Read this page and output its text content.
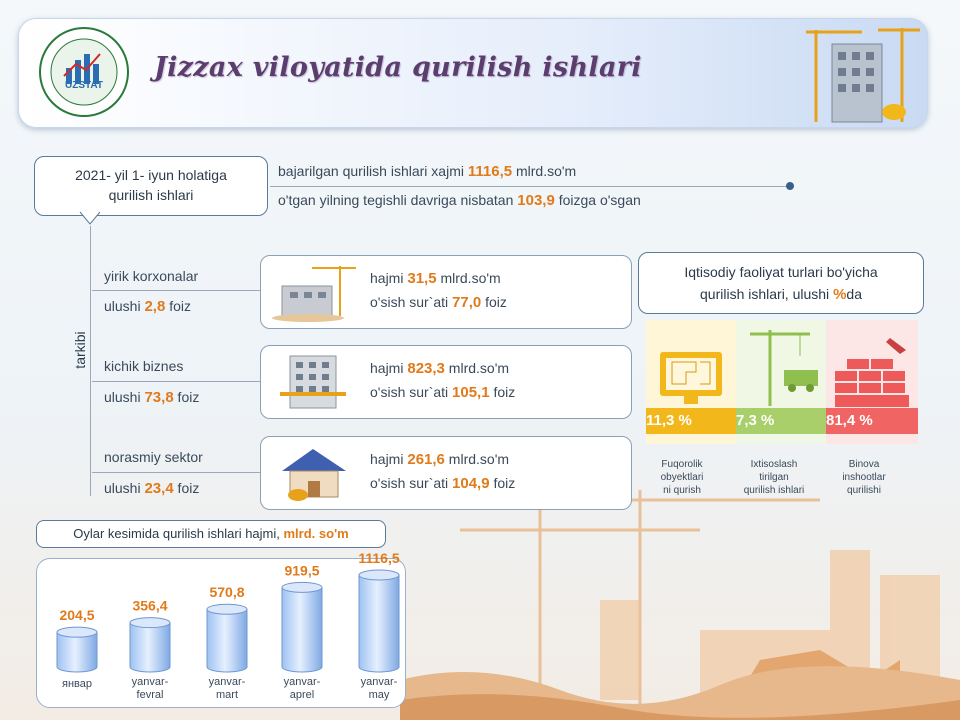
UZSTAT
Jizzax viloyatida qurilish ishlari
2021- yil 1- iyun holatiga
qurilish ishlari
bajarilgan qurilish ishlari xajmi 1116,5 mlrd.so'm
o'tgan yilning tegishli davriga nisbatan 103,9 foizga o'sgan
tarkibi
yirik korxonalar
ulushi 2,8 foiz
hajmi 31,5 mlrd.so'm
o'sish sur`ati 77,0 foiz
kichik biznes
ulushi 73,8 foiz
hajmi 823,3 mlrd.so'm
o'sish sur`ati 105,1 foiz
norasmiy sektor
ulushi 23,4 foiz
hajmi 261,6 mlrd.so'm
o'sish sur`ati 104,9 foiz
Iqtisodiy faoliyat turlari bo'yicha
qurilish ishlari, ulushi %da
11,3 %	7,3 %	81,4 %
Fuqorolik
obyektlari
ni qurish
Ixtisoslash
tirilgan
qurilish ishlari
Binova
inshootlar
qurilishi
Oylar kesimida qurilish ishlari hajmi, mlrd. so'm
204,5
январ
356,4
yanvar-
fevral
570,8
yanvar-
mart
919,5
yanvar-
aprel
1116,5
yanvar-
may
